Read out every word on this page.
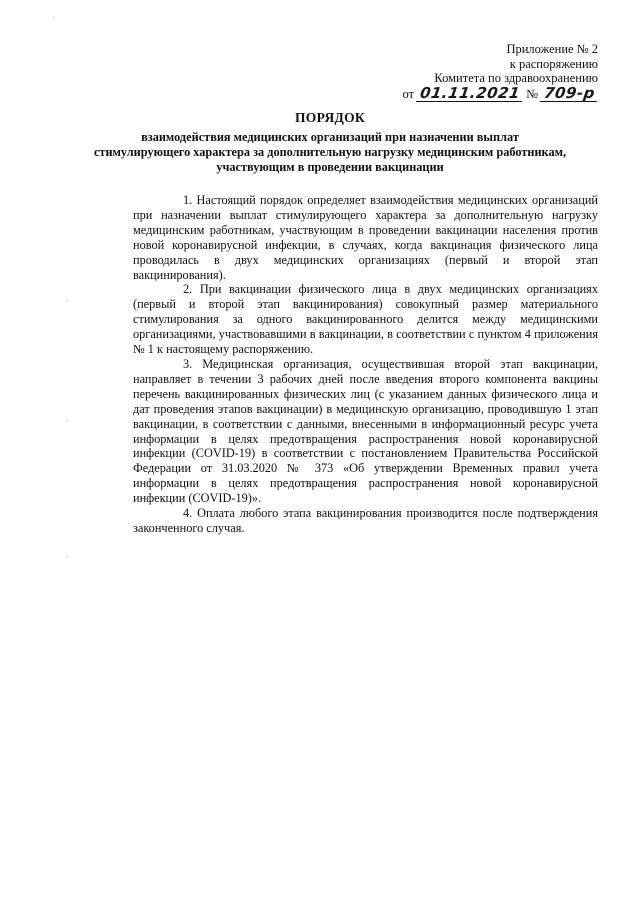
·
Приложение № 2
к распоряжению
Комитета по здравоохранению
от 01.11.2021 № 709-р
ПОРЯДОК
взаимодействия медицинских организаций при назначении выплат
стимулирующего характера за дополнительную нагрузку медицинским работникам,
участвующим в проведении вакцинации

1. Настоящий порядок определяет взаимодействия медицинских организаций при назначении выплат стимулирующего характера за дополнительную нагрузку медицинским работникам, участвующим в проведении вакцинации населения против новой коронавирусной инфекции, в случаях, когда вакцинация физического лица проводилась в двух медицинских организациях (первый и второй этап вакцинирования).

2. При вакцинации физического лица в двух медицинских организациях (первый и второй этап вакцинирования) совокупный размер материального стимулирования за одного вакцинированного делится между медицинскими организациями, участвовавшими в вакцинации, в соответствии с пунктом 4 приложения № 1 к настоящему распоряжению.

3. Медицинская организация, осуществившая второй этап вакцинации, направляет в течении 3 рабочих дней после введения второго компонента вакцины перечень вакцинированных физических лиц (с указанием данных физического лица и дат проведения этапов вакцинации) в медицинскую организацию, проводившую 1 этап вакцинации, в соответствии с данными, внесенными в информационный ресурс учета информации в целях предотвращения распространения новой коронавирусной инфекции (COVID-19) в соответствии с постановлением Правительства Российской Федерации от 31.03.2020 № 373 «Об утверждении Временных правил учета информации в целях предотвращения распространения новой коронавирусной инфекции (COVID-19)».

4. Оплата любого этапа вакцинирования производится после подтверждения законченного случая.
